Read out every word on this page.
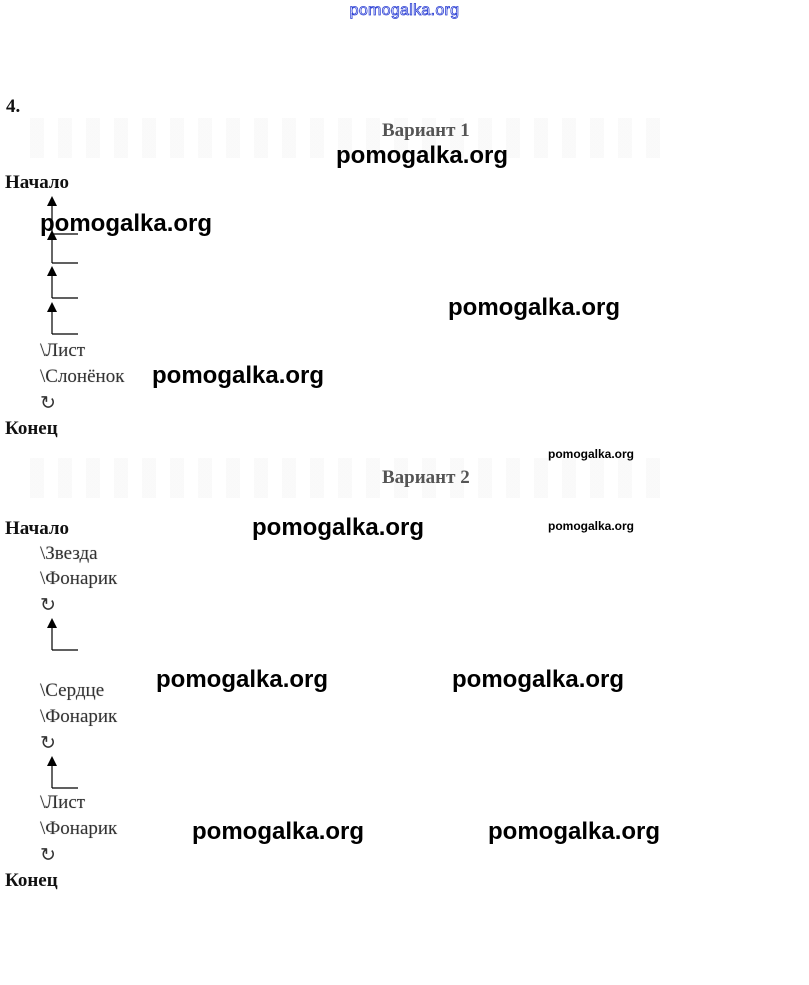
pomogalka.org
4.
Вариант 1
Начало
\Лист
\Слонёнок
↻
Конец
Вариант 2
Начало
\Звезда
\Фонарик
↻
\Сердце
\Фонарик
↻
\Лист
\Фонарик
↻
Конец
pomogalka.org
pomogalka.org
pomogalka.org
pomogalka.org
pomogalka.org
pomogalka.org	pomogalka.org
pomogalka.org	pomogalka.org
pomogalka.org	pomogalka.org
